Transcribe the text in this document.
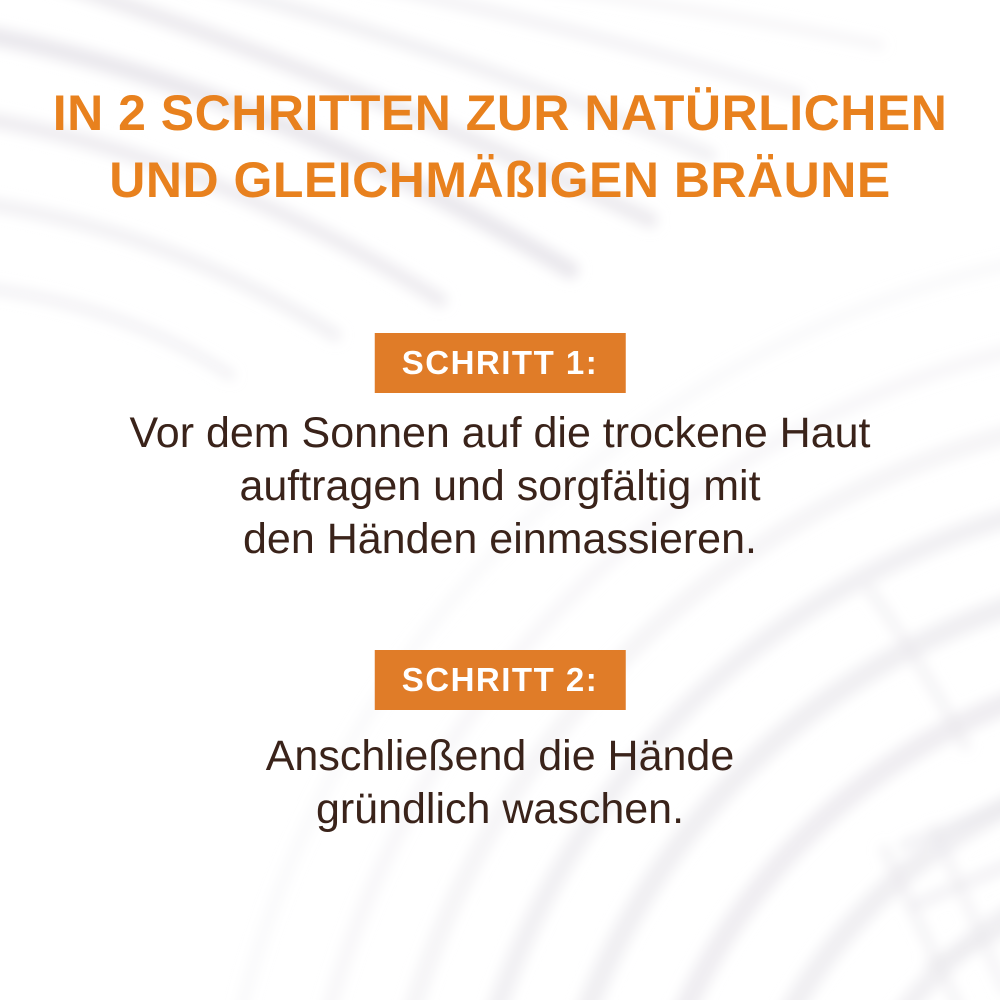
IN 2 SCHRITTEN ZUR NATÜRLICHEN
UND GLEICHMÄßIGEN BRÄUNE
SCHRITT 1:
Vor dem Sonnen auf die trockene Haut
auftragen und sorgfältig mit
den Händen einmassieren.
SCHRITT 2:
Anschließend die Hände
gründlich waschen.
